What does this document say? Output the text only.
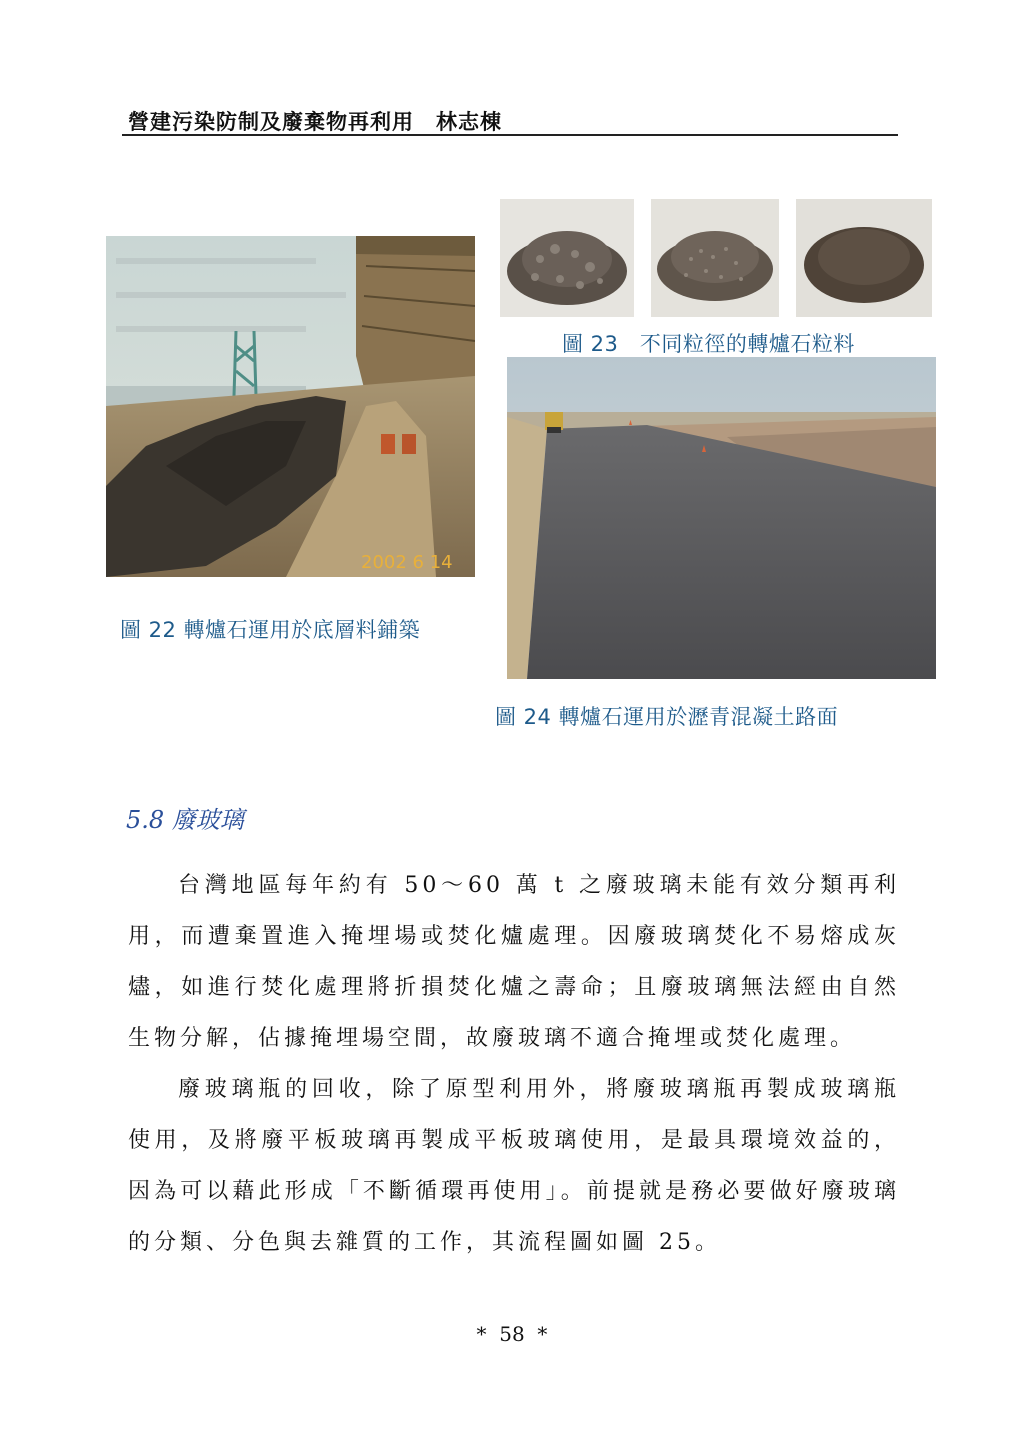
營建污染防制及廢棄物再利用　林志棟
2002 6 14
圖 22 轉爐石運用於底層料鋪築
圖 23　不同粒徑的轉爐石粒料
圖 24 轉爐石運用於瀝青混凝土路面
5.8 廢玻璃
台灣地區每年約有 50～60 萬 t 之廢玻璃未能有效分類再利用，而遭棄置進入掩埋場或焚化爐處理。因廢玻璃焚化不易熔成灰燼，如進行焚化處理將折損焚化爐之壽命；且廢玻璃無法經由自然生物分解，佔據掩埋場空間，故廢玻璃不適合掩埋或焚化處理。
廢玻璃瓶的回收，除了原型利用外，將廢玻璃瓶再製成玻璃瓶使用，及將廢平板玻璃再製成平板玻璃使用，是最具環境效益的，因為可以藉此形成「不斷循環再使用」。前提就是務必要做好廢玻璃的分類、分色與去雜質的工作，其流程圖如圖 25。
*  58  *
